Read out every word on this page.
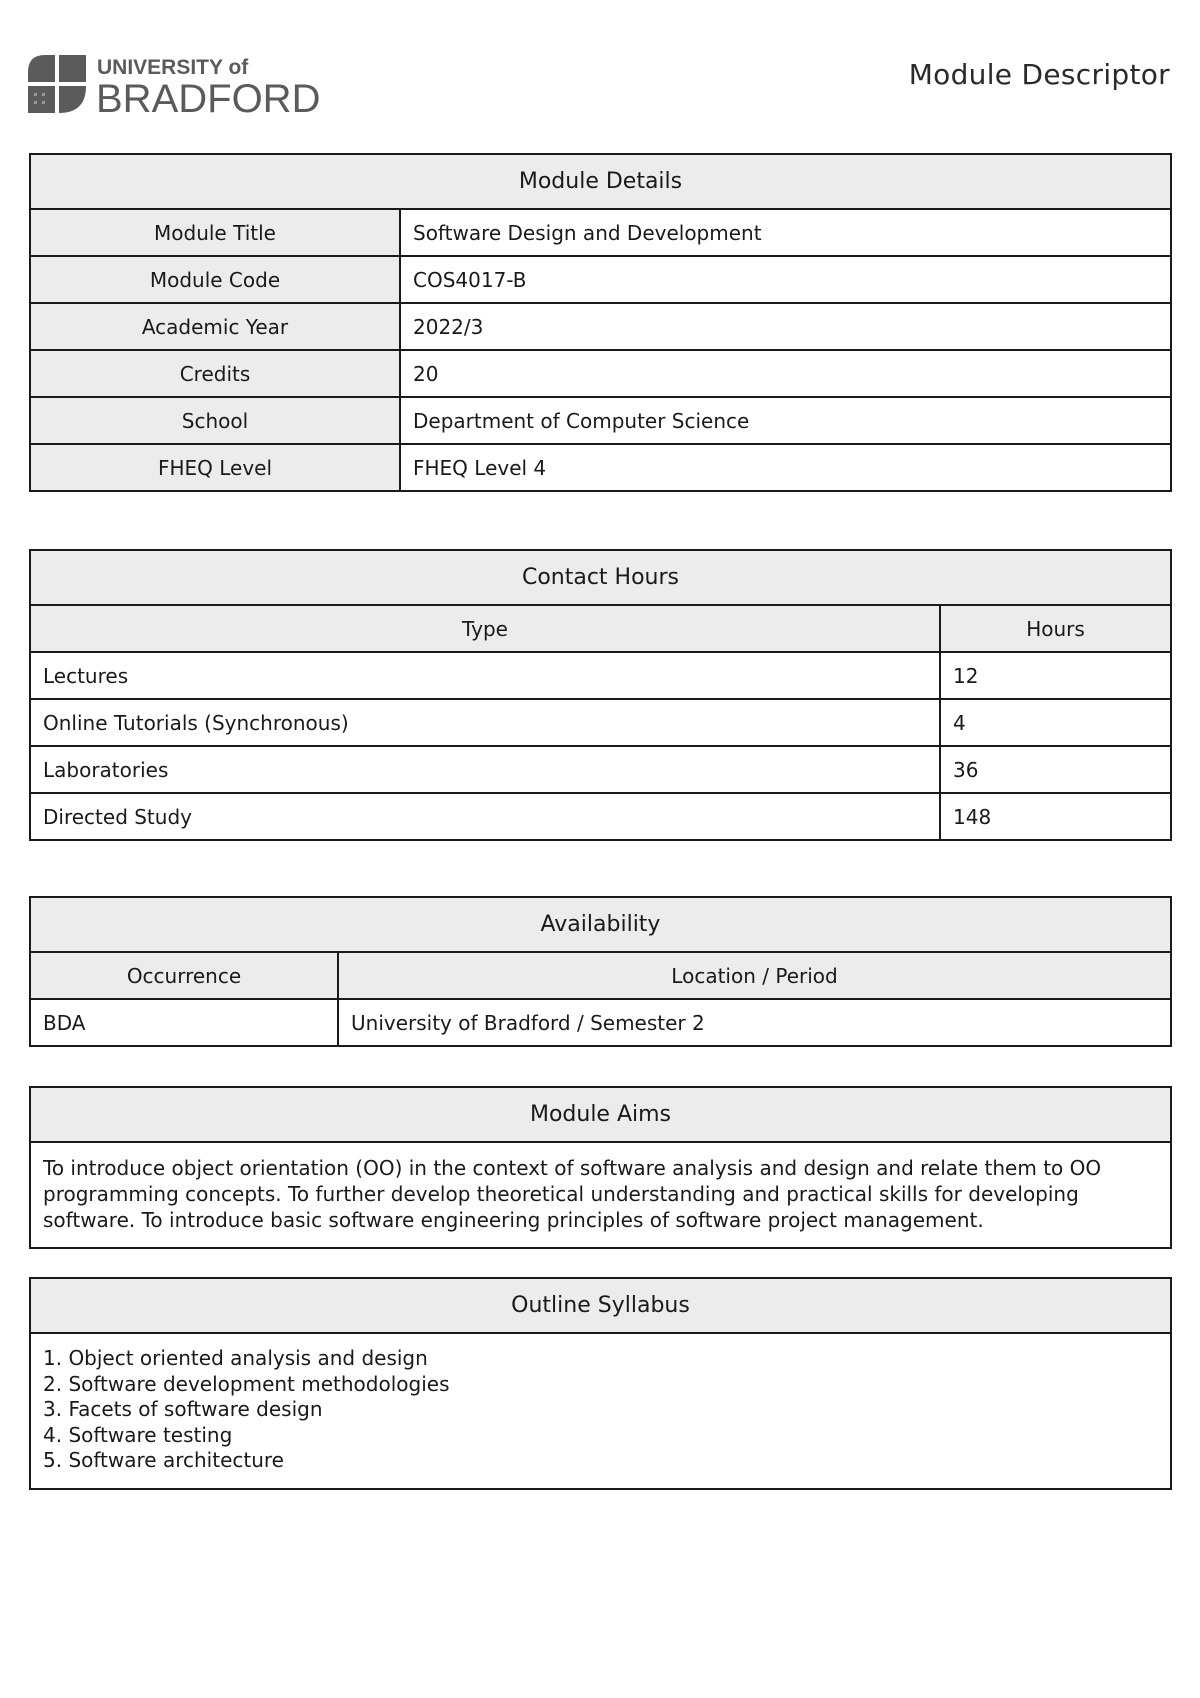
UNIVERSITY of
BRADFORD
Module Descriptor
Module Details	
Module Title	Software Design and Development
Module Code	COS4017-B
Academic Year	2022/3
Credits	20
School	Department of Computer Science
FHEQ Level	FHEQ Level 4
Contact Hours	
Type	Hours
Lectures	12
Online Tutorials (Synchronous)	4
Laboratories	36
Directed Study	148
Availability	
Occurrence	Location / Period
BDA	University of Bradford / Semester 2
Module Aims
To introduce object orientation (OO) in the context of software analysis and design and relate them to OO programming concepts. To further develop theoretical understanding and practical skills for developing software. To introduce basic software engineering principles of software project management.
Outline Syllabus

1. Object oriented analysis and design
2. Software development methodologies
3. Facets of software design
4. Software testing
5. Software architecture
